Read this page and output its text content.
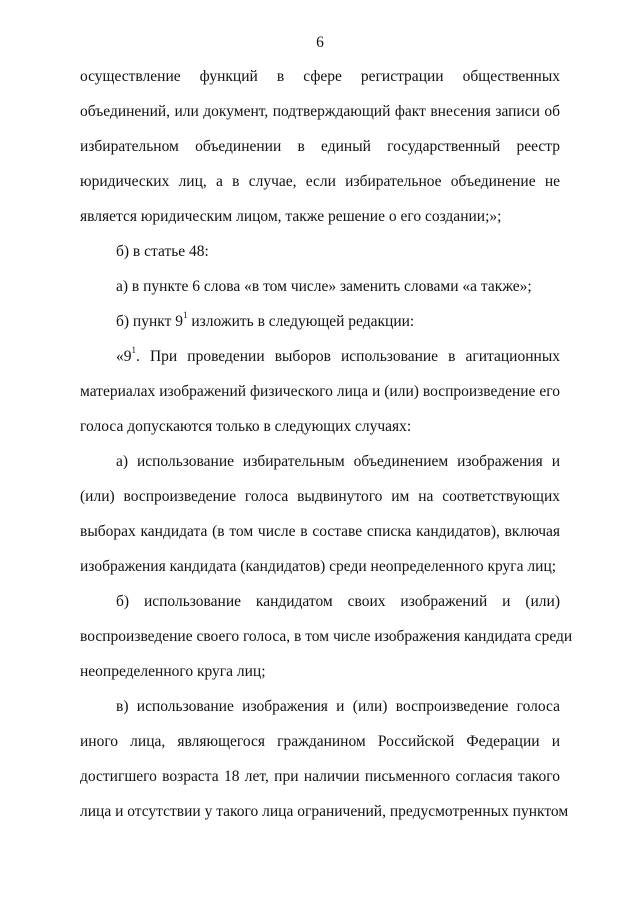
6
осуществление функций в сфере регистрации общественных
объединений, или документ, подтверждающий факт внесения записи об
избирательном объединении в единый государственный реестр
юридических лиц, а в случае, если избирательное объединение не
является юридическим лицом, также решение о его создании;»;
б) в статье 48:
а) в пункте 6 слова «в том числе» заменить словами «а также»;
б) пункт $9^1$ изложить в следующей редакции:
«$9^1$. При проведении выборов использование в агитационных
материалах изображений физического лица и (или) воспроизведение его
голоса допускаются только в следующих случаях:
а) использование избирательным объединением изображения и
(или) воспроизведение голоса выдвинутого им на соответствующих
выборах кандидата (в том числе в составе списка кандидатов), включая
изображения кандидата (кандидатов) среди неопределенного круга лиц;
б) использование кандидатом своих изображений и (или)
воспроизведение своего голоса, в том числе изображения кандидата среди
неопределенного круга лиц;
в) использование изображения и (или) воспроизведение голоса
иного лица, являющегося гражданином Российской Федерации и
достигшего возраста 18 лет, при наличии письменного согласия такого
лица и отсутствии у такого лица ограничений, предусмотренных пунктом
